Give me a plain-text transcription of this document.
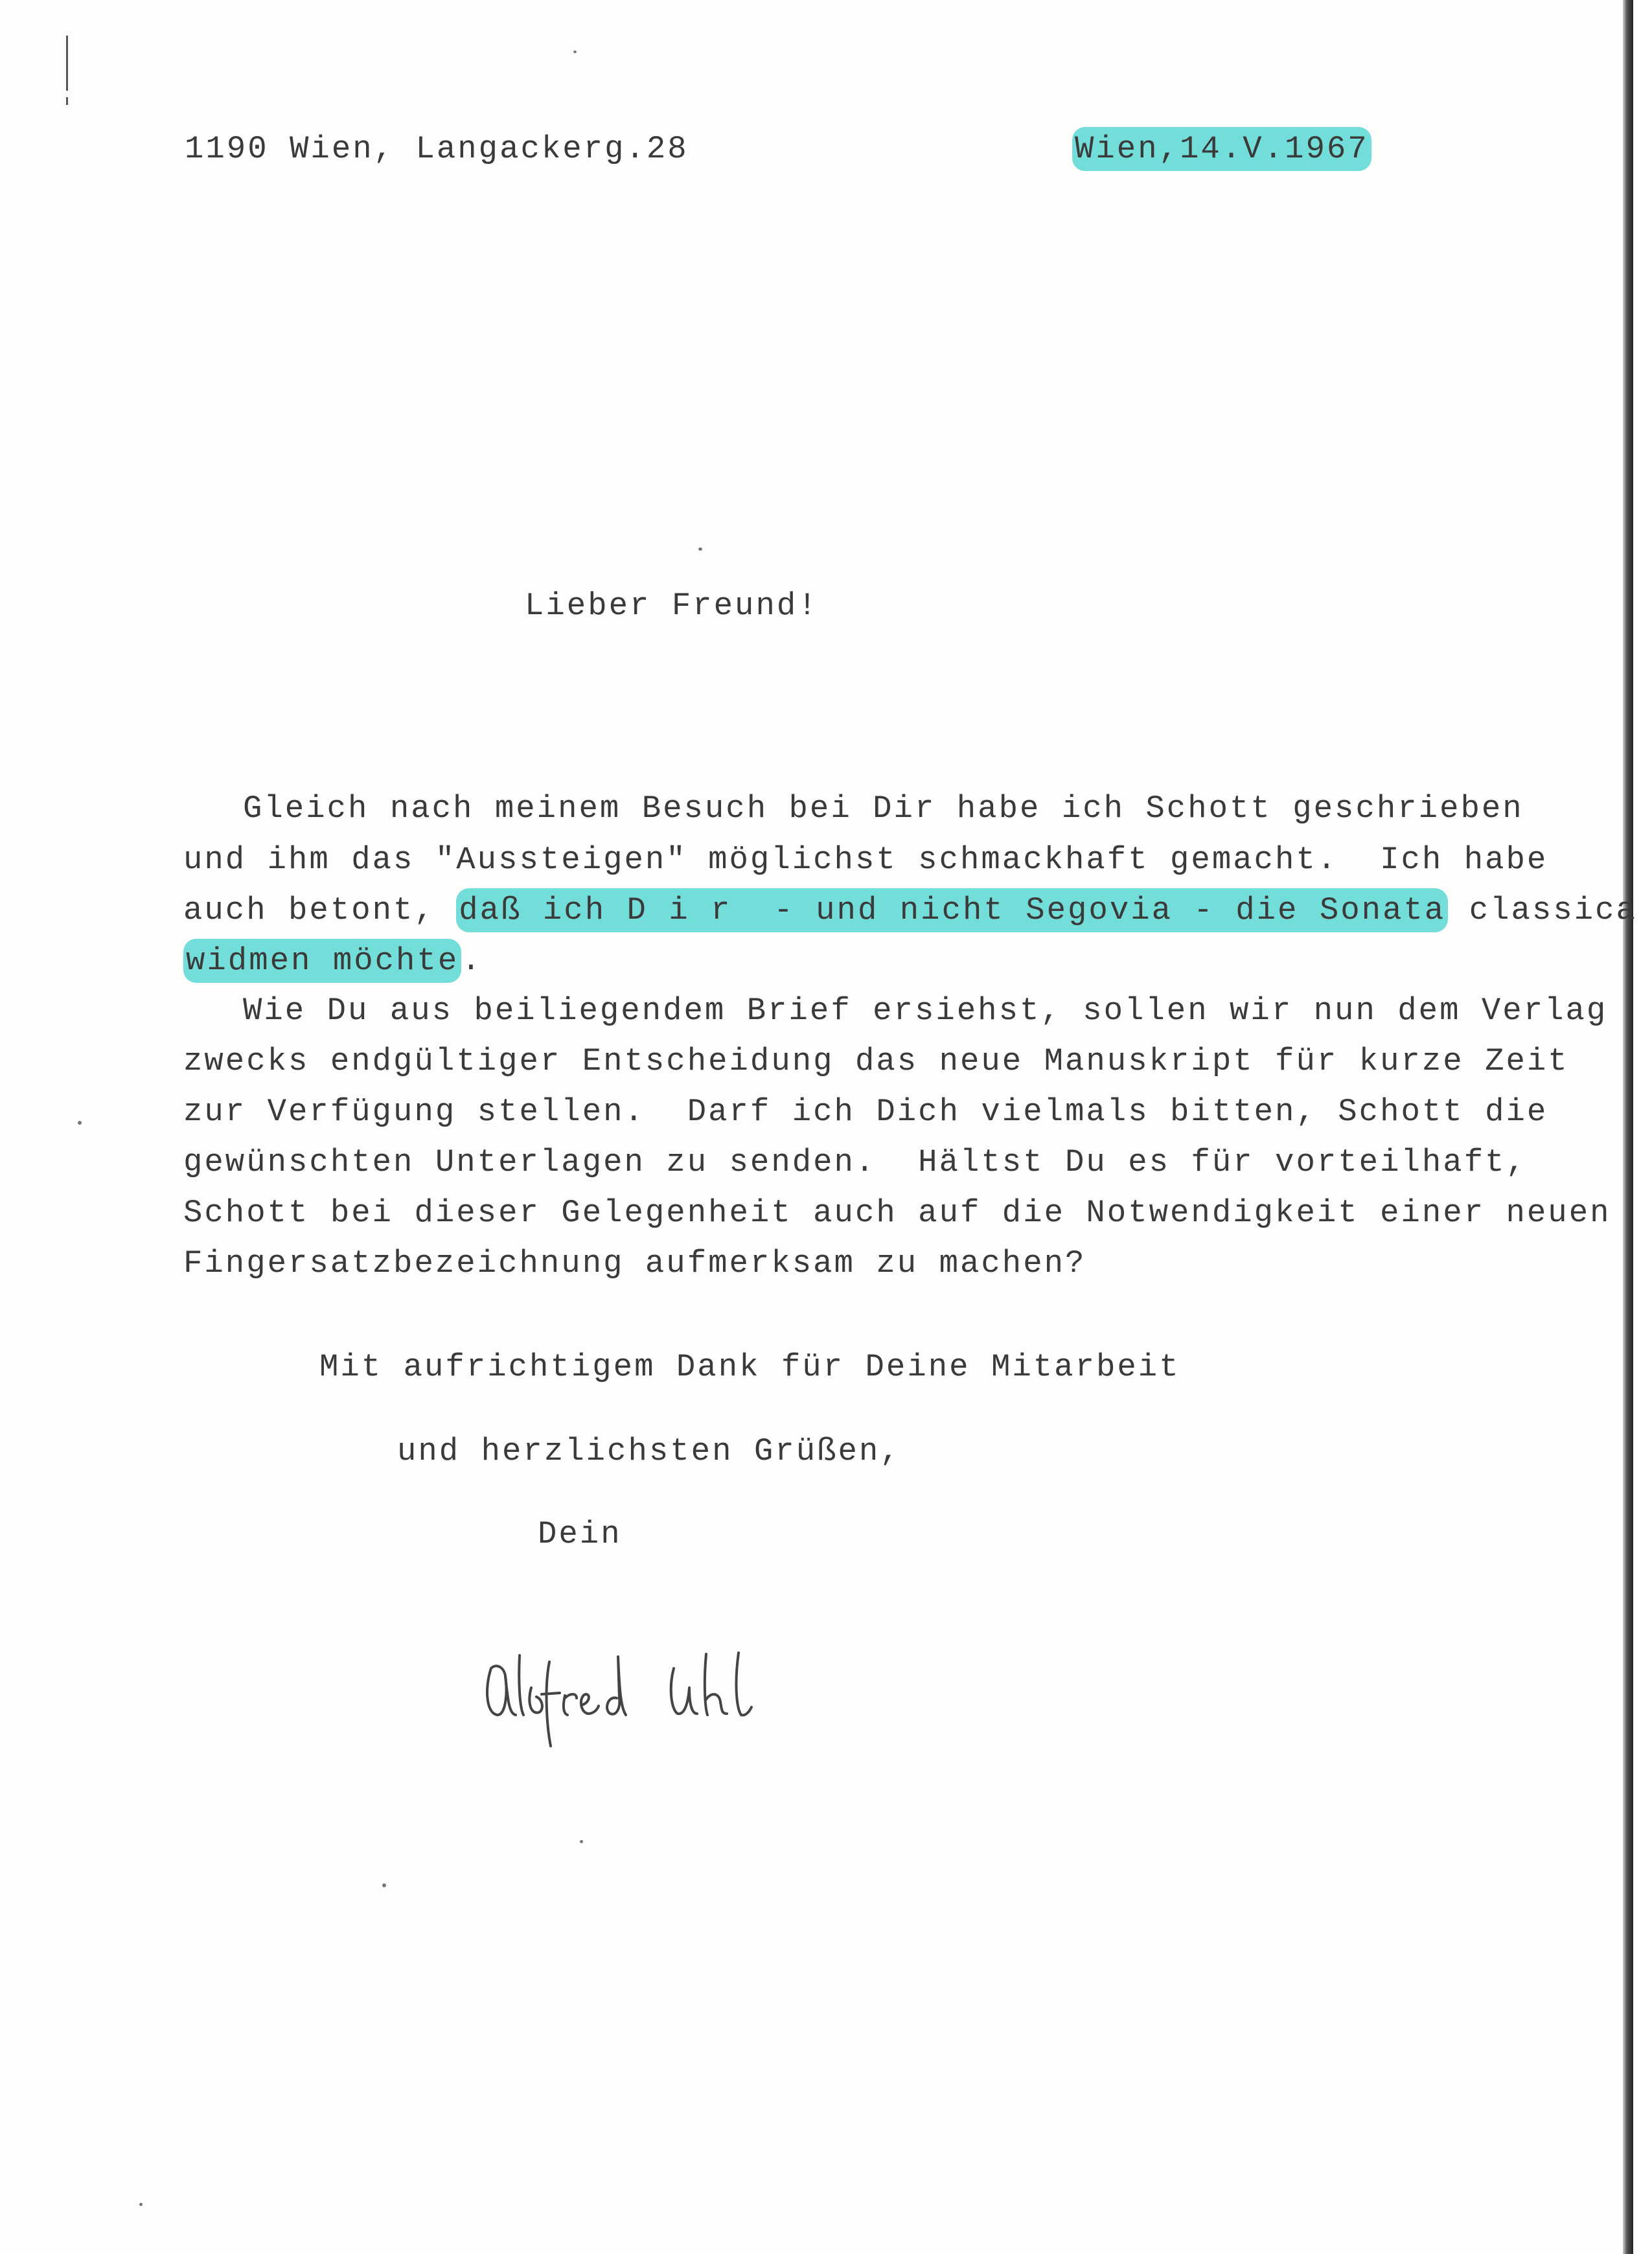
1190 Wien, Langackerg.28	Wien,14.V.1967
Lieber Freund!
Gleich nach meinem Besuch bei Dir habe ich Schott geschrieben
und ihm das "Aussteigen" möglichst schmackhaft gemacht.  Ich habe
auch betont, daß ich D i r  - und nicht Segovia - die Sonata classica
widmen möchte.
Wie Du aus beiliegendem Brief ersiehst, sollen wir nun dem Verlag
zwecks endgültiger Entscheidung das neue Manuskript für kurze Zeit
zur Verfügung stellen.  Darf ich Dich vielmals bitten, Schott die
gewünschten Unterlagen zu senden.  Hältst Du es für vorteilhaft,
Schott bei dieser Gelegenheit auch auf die Notwendigkeit einer neuen
Fingersatzbezeichnung aufmerksam zu machen?
Mit aufrichtigem Dank für Deine Mitarbeit
und herzlichsten Grüßen,
Dein
